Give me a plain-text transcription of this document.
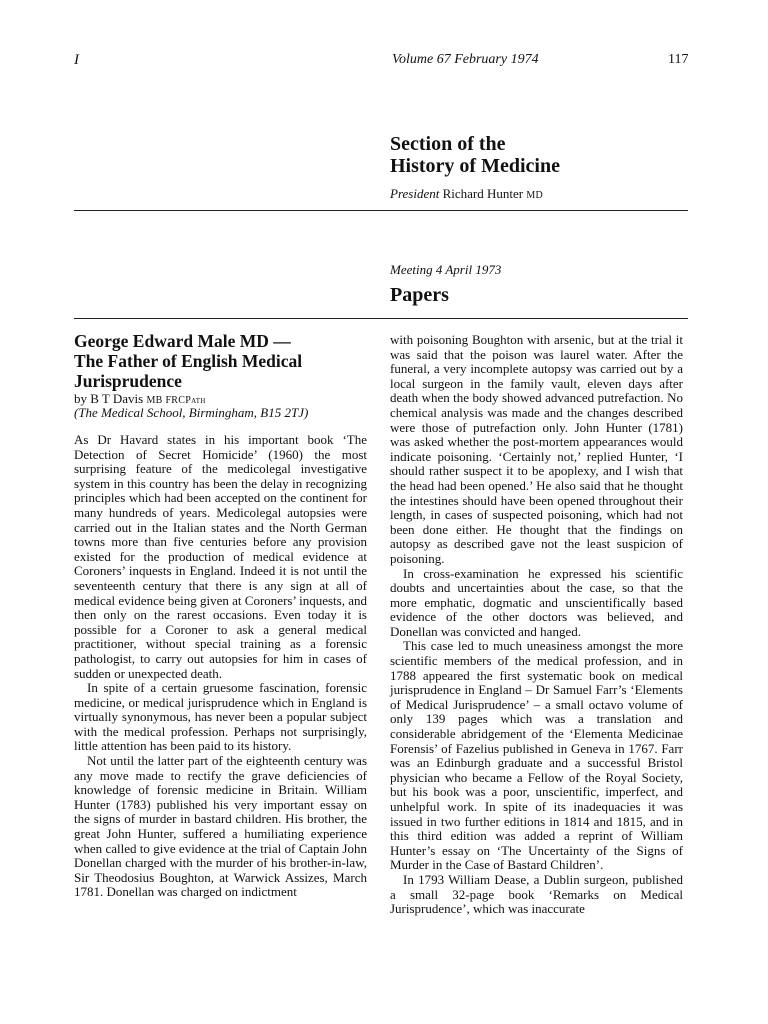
I	Volume 67 February 1974	117
Section of the
History of Medicine
President Richard Hunter MD
Meeting 4 April 1973
Papers
George Edward Male MD —
The Father of English Medical
Jurisprudence
by B T Davis MB FRCPath
(The Medical School, Birmingham, B15 2TJ)

As Dr Havard states in his important book ‘The Detection of Secret Homicide’ (1960) the most surprising feature of the medicolegal investigative system in this country has been the delay in recognizing principles which had been accepted on the continent for many hundreds of years. Medicolegal autopsies were carried out in the Italian states and the North German towns more than five centuries before any provision existed for the production of medical evidence at Coroners’ inquests in England. Indeed it is not until the seventeenth century that there is any sign at all of medical evidence being given at Coroners’ inquests, and then only on the rarest occasions. Even today it is possible for a Coroner to ask a general medical practitioner, without special training as a forensic pathologist, to carry out autopsies for him in cases of sudden or unexpected death.

In spite of a certain gruesome fascination, forensic medicine, or medical jurisprudence which in England is virtually synonymous, has never been a popular subject with the medical profession. Perhaps not surprisingly, little attention has been paid to its history.

Not until the latter part of the eighteenth century was any move made to rectify the grave deficiencies of knowledge of forensic medicine in Britain. William Hunter (1783) published his very important essay on the signs of murder in bastard children. His brother, the great John Hunter, suffered a humiliating experience when called to give evidence at the trial of Captain John Donellan charged with the murder of his brother-in-law, Sir Theodosius Boughton, at Warwick Assizes, March 1781. Donellan was charged on indictment

with poisoning Boughton with arsenic, but at the trial it was said that the poison was laurel water. After the funeral, a very incomplete autopsy was carried out by a local surgeon in the family vault, eleven days after death when the body showed advanced putrefaction. No chemical analysis was made and the changes described were those of putrefaction only. John Hunter (1781) was asked whether the post-mortem appearances would indicate poisoning. ‘Certainly not,’ replied Hunter, ‘I should rather suspect it to be apoplexy, and I wish that the head had been opened.’ He also said that he thought the intestines should have been opened throughout their length, in cases of suspected poisoning, which had not been done either. He thought that the findings on autopsy as described gave not the least suspicion of poisoning.

In cross-examination he expressed his scientific doubts and uncertainties about the case, so that the more emphatic, dogmatic and unscientifically based evidence of the other doctors was believed, and Donellan was convicted and hanged.

This case led to much uneasiness amongst the more scientific members of the medical profession, and in 1788 appeared the first systematic book on medical jurisprudence in England – Dr Samuel Farr’s ‘Elements of Medical Jurisprudence’ – a small octavo volume of only 139 pages which was a translation and considerable abridgement of the ‘Elementa Medicinae Forensis’ of Fazelius published in Geneva in 1767. Farr was an Edinburgh graduate and a successful Bristol physician who became a Fellow of the Royal Society, but his book was a poor, unscientific, imperfect, and unhelpful work. In spite of its inadequacies it was issued in two further editions in 1814 and 1815, and in this third edition was added a reprint of William Hunter’s essay on ‘The Uncertainty of the Signs of Murder in the Case of Bastard Children’.

In 1793 William Dease, a Dublin surgeon, published a small 32-page book ‘Remarks on Medical Jurisprudence’, which was inaccurate
